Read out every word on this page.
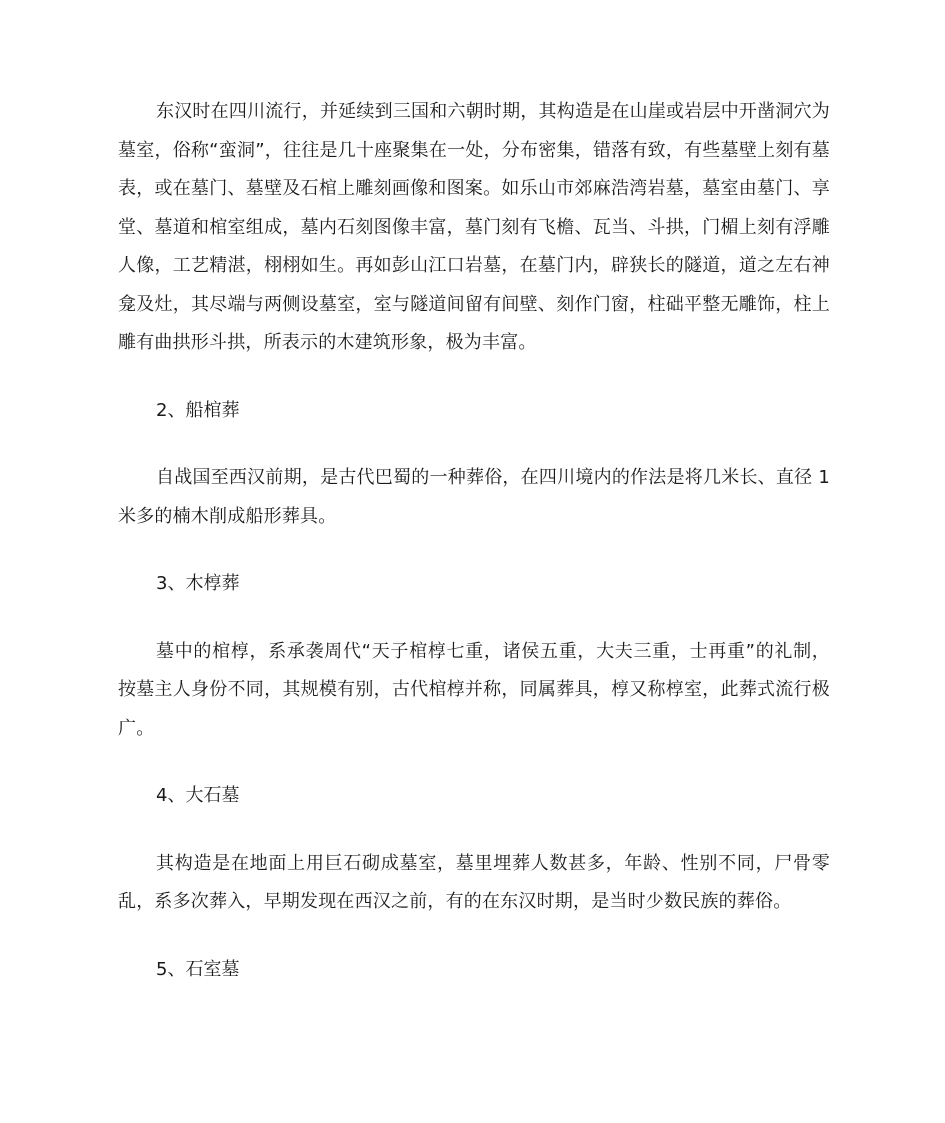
东汉时在四川流行，并延续到三国和六朝时期，其构造是在山崖或岩层中开凿洞穴为墓室，俗称“蛮洞”，往往是几十座聚集在一处，分布密集，错落有致，有些墓壁上刻有墓表，或在墓门、墓壁及石棺上雕刻画像和图案。如乐山市郊麻浩湾岩墓，墓室由墓门、享堂、墓道和棺室组成，墓内石刻图像丰富，墓门刻有飞檐、瓦当、斗拱，门楣上刻有浮雕人像，工艺精湛，栩栩如生。再如彭山江口岩墓，在墓门内，辟狭长的隧道，道之左右神龛及灶，其尽端与两侧设墓室，室与隧道间留有间壁、刻作门窗，柱础平整无雕饰，柱上雕有曲拱形斗拱，所表示的木建筑形象，极为丰富。

2、船棺葬

自战国至西汉前期，是古代巴蜀的一种葬俗，在四川境内的作法是将几米长、直径 1 米多的楠木削成船形葬具。

3、木椁葬

墓中的棺椁，系承袭周代“天子棺椁七重，诸侯五重，大夫三重，士再重”的礼制，按墓主人身份不同，其规模有别，古代棺椁并称，同属葬具，椁又称椁室，此葬式流行极广。

4、大石墓

其构造是在地面上用巨石砌成墓室，墓里埋葬人数甚多，年龄、性别不同，尸骨零乱，系多次葬入，早期发现在西汉之前，有的在东汉时期，是当时少数民族的葬俗。

5、石室墓
